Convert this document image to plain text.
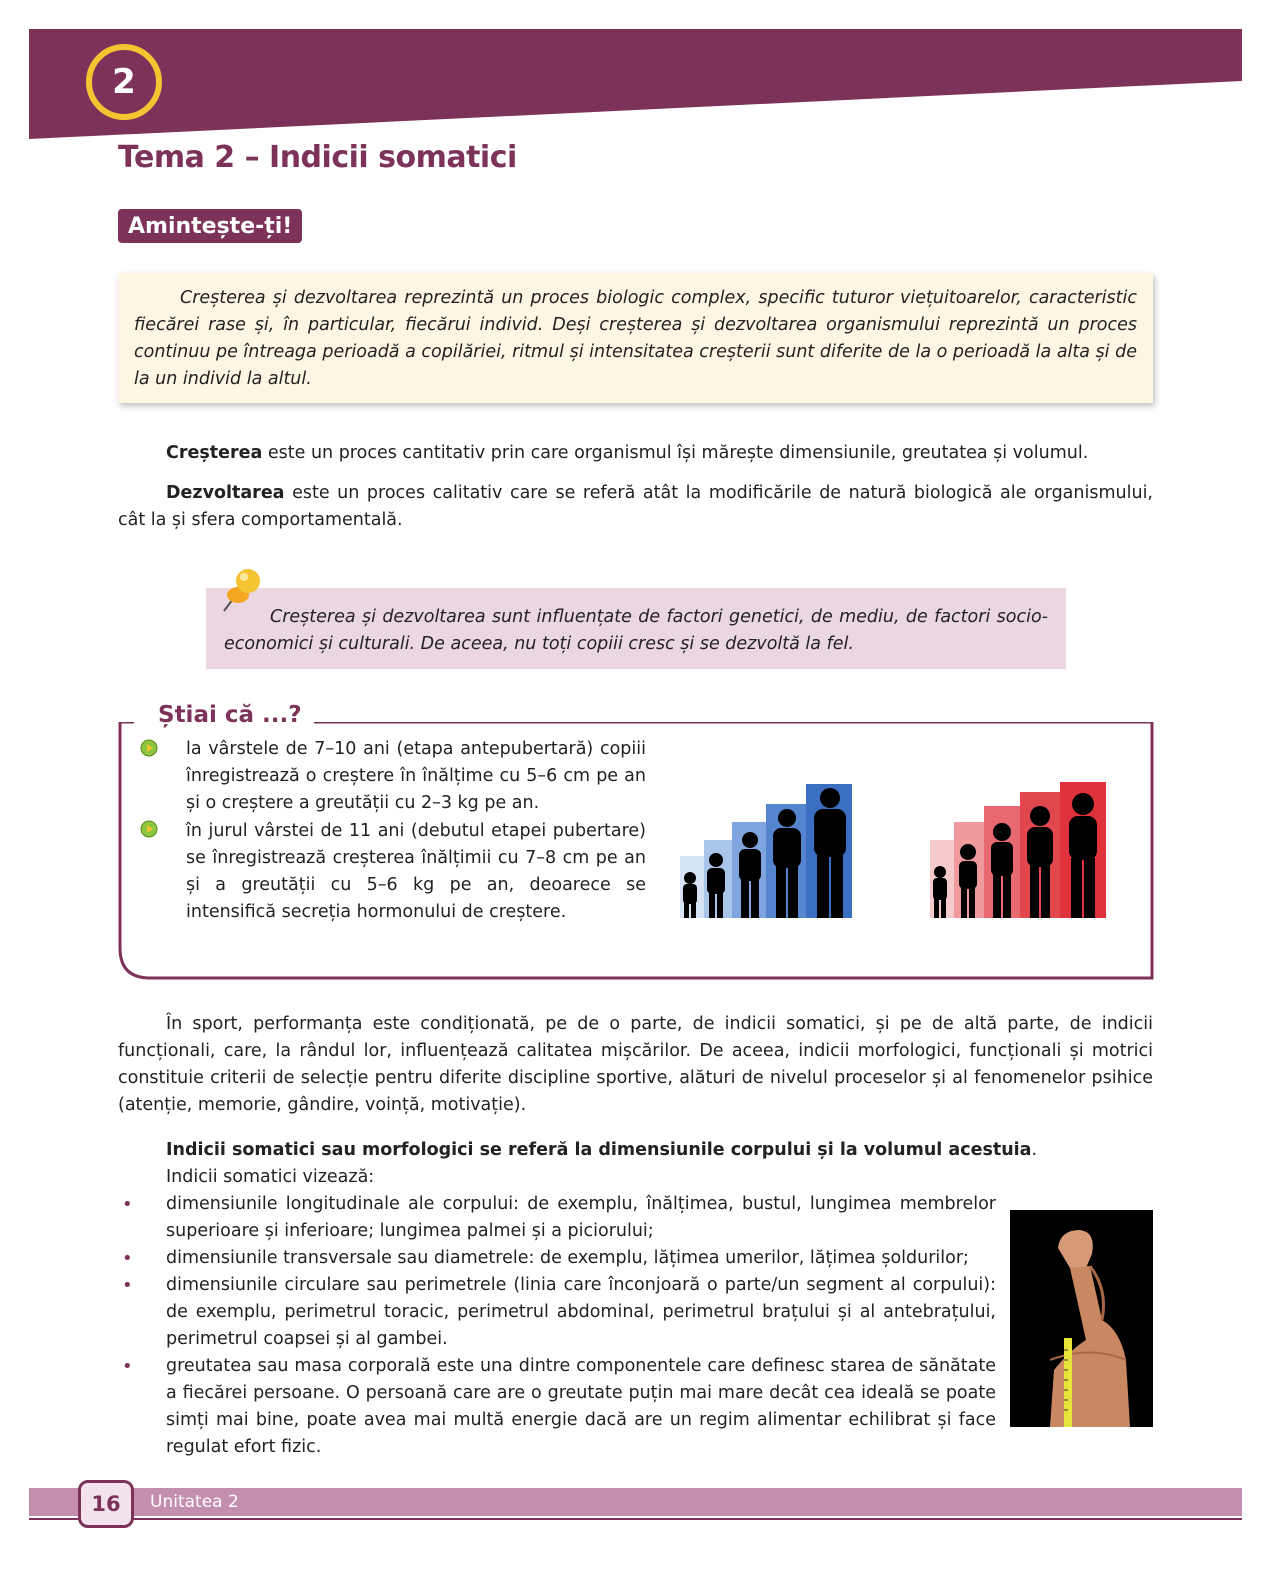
2
Tema 2 – Indicii somatici
Amintește-ți!

Creșterea și dezvoltarea reprezintă un proces biologic complex, specific tuturor viețuitoarelor, caracteristic fiecărei rase și, în particular, fiecărui individ. Deși creșterea și dezvoltarea organismului reprezintă un proces continuu pe întreaga perioadă a copilăriei, ritmul și intensitatea creșterii sunt diferite de la o perioadă la alta și de la un individ la altul.

Creșterea este un proces cantitativ prin care organismul își mărește dimensiunile, greutatea și volumul.

Dezvoltarea este un proces calitativ care se referă atât la modificările de natură biologică ale organismului, cât la și sfera comportamentală.

Creșterea și dezvoltarea sunt influențate de factori genetici, de mediu, de factori socio-economici și culturali. De aceea, nu toți copiii cresc și se dezvoltă la fel.

Știai că ...?

la vârstele de 7–10 ani (etapa antepubertară) copiii înregistrează o creștere în înălțime cu 5–6 cm pe an și o creștere a greutății cu 2–3 kg pe an.

în jurul vârstei de 11 ani (debutul etapei pubertare) se înregistrează creșterea înălțimii cu 7–8 cm pe an și a greutății cu 5–6 kg pe an, deoarece se intensifică secreția hormonului de creștere.

În sport, performanța este condiționată, pe de o parte, de indicii somatici, și pe de altă parte, de indicii funcționali, care, la rândul lor, influențează calitatea mișcărilor. De aceea, indicii morfologici, funcționali și motrici constituie criterii de selecție pentru diferite discipline sportive, alături de nivelul proceselor și al fenomenelor psihice (atenție, memorie, gândire, voință, motivație).

Indicii somatici sau morfologici se referă la dimensiunile corpului și la volumul acestuia.

Indicii somatici vizează:

• dimensiunile longitudinale ale corpului: de exemplu, înălțimea, bustul, lungimea membrelor superioare și inferioare; lungimea palmei și a piciorului;

• dimensiunile transversale sau diametrele: de exemplu, lățimea umerilor, lățimea șoldurilor;

• dimensiunile circulare sau perimetrele (linia care înconjoară o parte/un segment al corpului): de exemplu, perimetrul toracic, perimetrul abdominal, perimetrul brațului și al antebrațului, perimetrul coapsei și al gambei.

• greutatea sau masa corporală este una dintre componentele care definesc starea de sănătate a fiecărei persoane. O persoană care are o greutate puțin mai mare decât cea ideală se poate simți mai bine, poate avea mai multă energie dacă are un regim alimentar echilibrat și face regulat efort fizic.

16	Unitatea 2
